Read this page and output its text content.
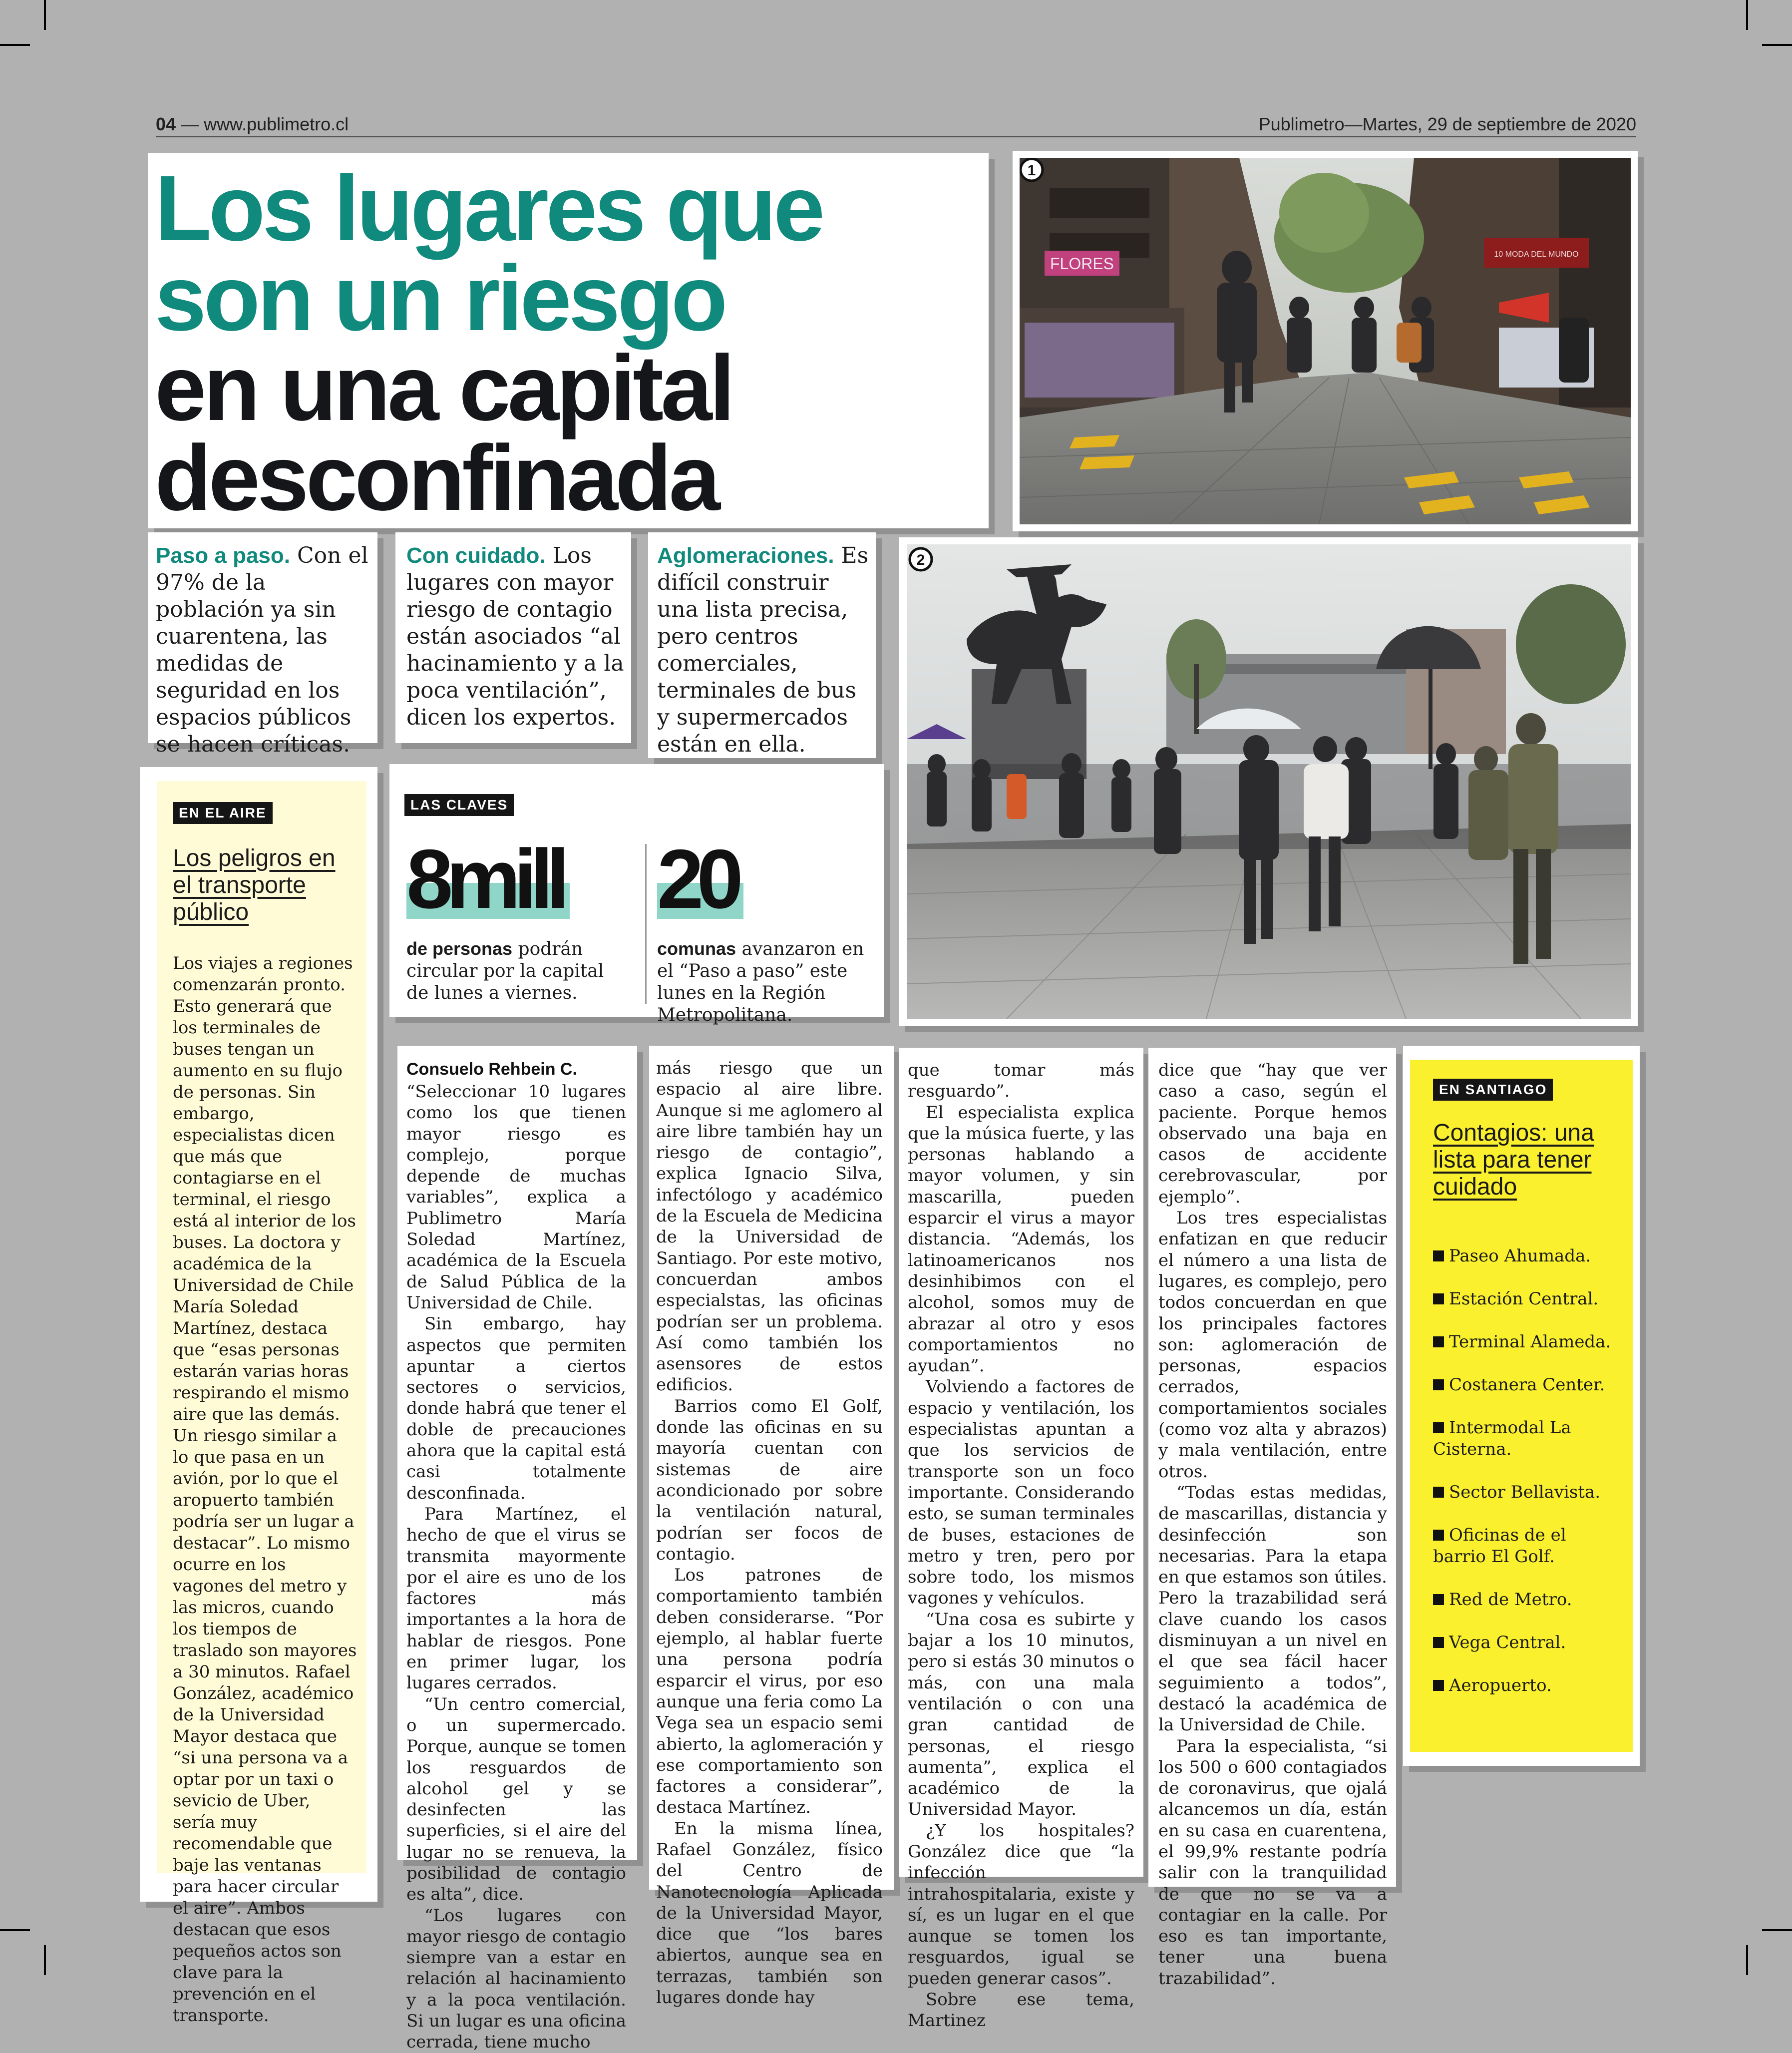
04 — www.publimetro.cl	Publimetro—Martes, 29 de septiembre de 2020
Los lugares que
son un riesgo
en una capital
desconfinada
Paso a paso. Con el 97% de la población ya sin cuarentena, las medidas de seguridad en los espacios públicos se hacen críticas.
Con cuidado. Los lugares con mayor riesgo de contagio están asociados “al hacinamiento y a la poca ventilación”, dicen los expertos.
Aglomeraciones. Es difícil construir una lista precisa, pero centros comerciales, terminales de bus y supermercados están en ella.
FLORES
10 MODA DEL MUNDO
1
2
EN EL AIRE
Los peligros en el transporte público
Los viajes a regiones comenzarán pronto. Esto generará que los terminales de buses tengan un aumento en su flujo de personas. Sin embargo, especialistas dicen que más que contagiarse en el terminal, el riesgo está al interior de los buses. La doctora y académica de la Universidad de Chile María Soledad Martínez, destaca que “esas personas estarán varias horas respirando el mismo aire que las demás. Un riesgo similar a lo que pasa en un avión, por lo que el aropuerto también podría ser un lugar a destacar”. Lo mismo ocurre en los vagones del metro y las micros, cuando los tiempos de traslado son mayores a 30 minutos. Rafael González, académico de la Universidad Mayor destaca que “si una persona va a optar por un taxi o sevicio de Uber, sería muy recomendable que baje las ventanas para hacer circular el aire”. Ambos destacan que esos pequeños actos son clave para la prevención en el transporte.
LAS CLAVES
8mill
de personas podrán circular por la capital de lunes a viernes.
20
comunas avanzaron en el “Paso a paso” este lunes en la Región Metropolitana.
Consuelo Rehbein C.

“Seleccionar 10 lugares como los que tienen mayor riesgo es complejo, porque depende de muchas variables”, explica a Publimetro María Soledad Martínez, académica de la Escuela de Salud Pública de la Universidad de Chile.

Sin embargo, hay aspectos que permiten apuntar a ciertos sectores o servicios, donde habrá que tener el doble de precauciones ahora que la capital está casi totalmente desconfinada.

Para Martínez, el hecho de que el virus se transmita mayormente por el aire es uno de los factores más importantes a la hora de hablar de riesgos. Pone en primer lugar, los lugares cerrados.

“Un centro comercial, o un supermercado. Porque, aunque se tomen los resguardos de alcohol gel y se desinfecten las superficies, si el aire del lugar no se renueva, la posibilidad de contagio es alta”, dice.

“Los lugares con mayor riesgo de contagio siempre van a estar en relación al hacinamiento y a la poca ventilación. Si un lugar es una oficina cerrada, tiene mucho

más riesgo que un espacio al aire libre. Aunque si me aglomero al aire libre también hay un riesgo de contagio”, explica Ignacio Silva, infectólogo y académico de la Escuela de Medicina de la Universidad de Santiago. Por este motivo, concuerdan ambos especialstas, las oficinas podrían ser un problema. Así como también los asensores de estos edificios.

Barrios como El Golf, donde las oficinas en su mayoría cuentan con sistemas de aire acondicionado por sobre la ventilación natural, podrían ser focos de contagio.

Los patrones de comportamiento también deben considerarse. “Por ejemplo, al hablar fuerte una persona podría esparcir el virus, por eso aunque una feria como La Vega sea un espacio semi abierto, la aglomeración y ese comportamiento son factores a considerar”, destaca Martínez.

En la misma línea, Rafael González, físico del Centro de Nanotecnología Aplicada de la Universidad Mayor, dice que “los bares abiertos, aunque sea en terrazas, también son lugares donde hay

que tomar más resguardo”.

El especialista explica que la música fuerte, y las personas hablando a mayor volumen, y sin mascarilla, pueden esparcir el virus a mayor distancia. “Además, los latinoamericanos nos desinhibimos con el alcohol, somos muy de abrazar al otro y esos comportamientos no ayudan”.

Volviendo a factores de espacio y ventilación, los especialistas apuntan a que los servicios de transporte son un foco importante. Considerando esto, se suman terminales de buses, estaciones de metro y tren, pero por sobre todo, los mismos vagones y vehículos.

“Una cosa es subirte y bajar a los 10 minutos, pero si estás 30 minutos o más, con una mala ventilación o con una gran cantidad de personas, el riesgo aumenta”, explica el académico de la Universidad Mayor.

¿Y los hospitales? González dice que “la infección intrahospitalaria, existe y sí, es un lugar en el que aunque se tomen los resguardos, igual se pueden generar casos”.

Sobre ese tema, Martinez

dice que “hay que ver caso a caso, según el paciente. Porque hemos observado una baja en casos de accidente cerebrovascular, por ejemplo”.

Los tres especialistas enfatizan en que reducir el número a una lista de lugares, es complejo, pero todos concuerdan en que los principales factores son: aglomeración de personas, espacios cerrados, comportamientos sociales (como voz alta y abrazos) y mala ventilación, entre otros.

“Todas estas medidas, de mascarillas, distancia y desinfección son necesarias. Para la etapa en que estamos son útiles. Pero la trazabilidad será clave cuando los casos disminuyan a un nivel en el que sea fácil hacer seguimiento a todos”, destacó la académica de la Universidad de Chile.

Para la especialista, “si los 500 o 600 contagiados de coronavirus, que ojalá alcancemos un día, están en su casa en cuarentena, el 99,9% restante podría salir con la tranquilidad de que no se va a contagiar en la calle. Por eso es tan importante, tener una buena trazabilidad”.

EN SANTIAGO
Contagios: una lista para tener cuidado
Paseo Ahumada.
Estación Central.
Terminal Alameda.
Costanera Center.
Intermodal La Cisterna.
Sector Bellavista.
Oficinas de el barrio El Golf.
Red de Metro.
Vega Central.
Aeropuerto.
